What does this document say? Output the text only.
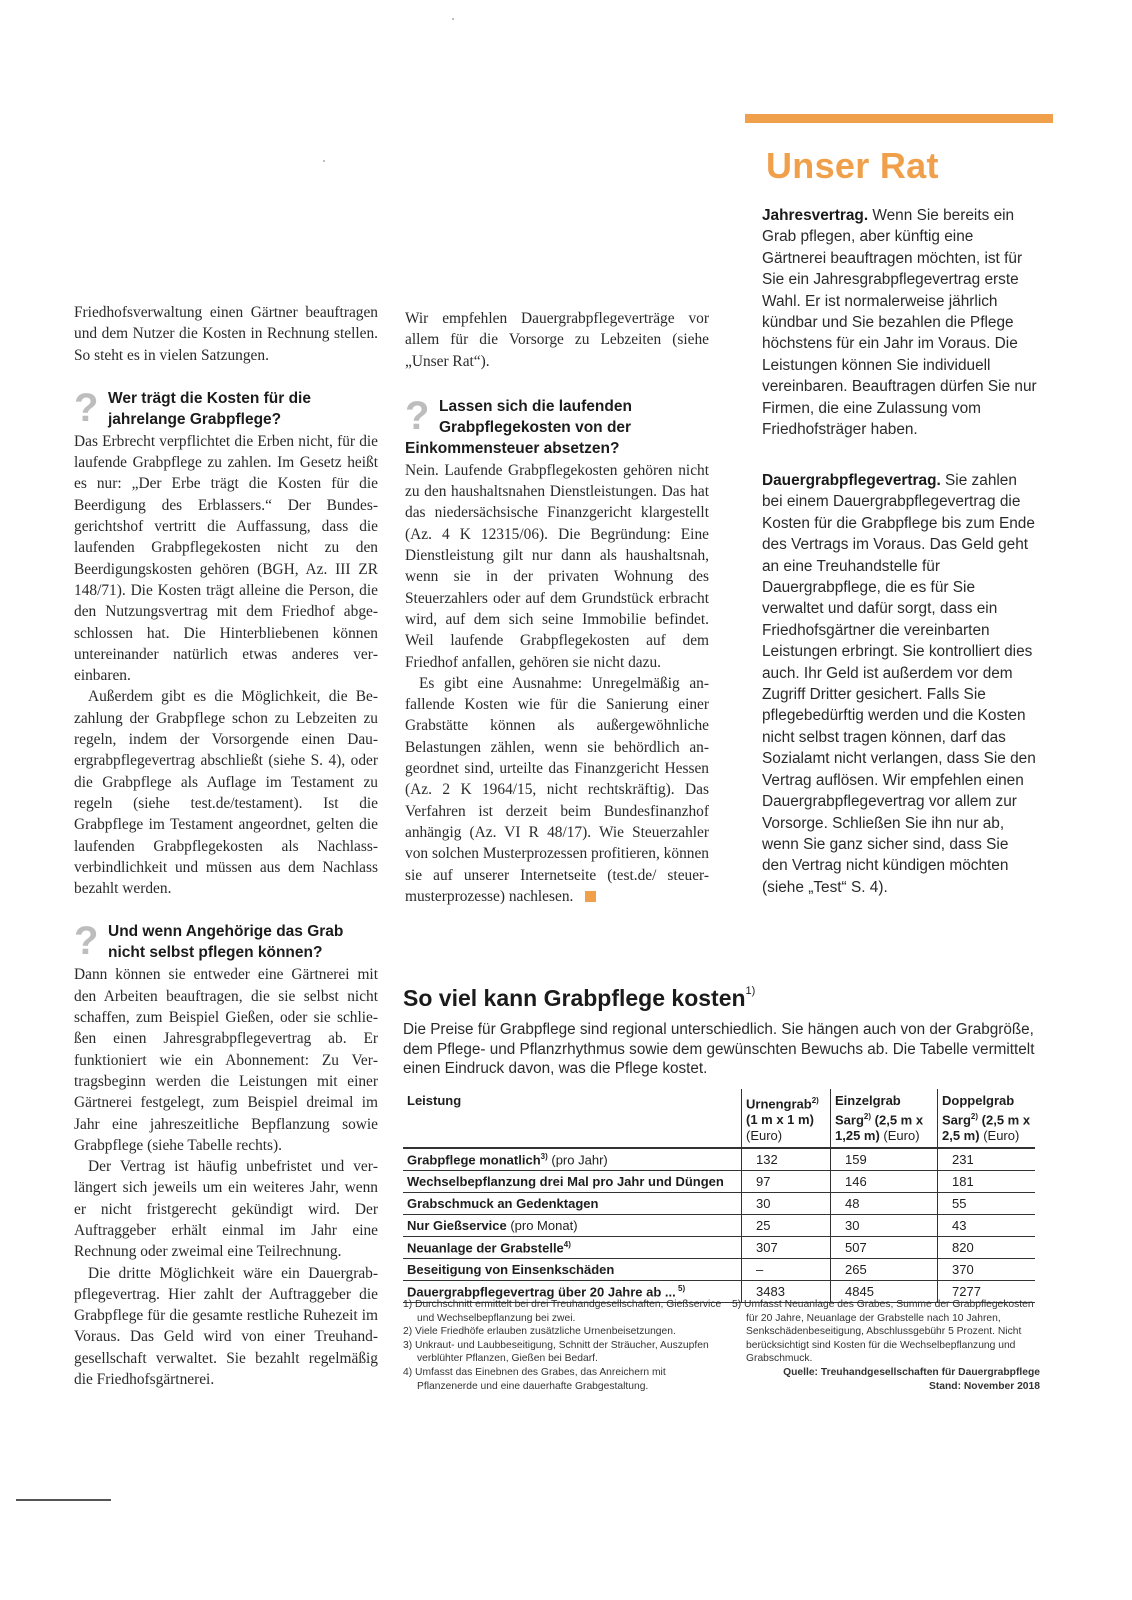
Friedhofsverwaltung einen Gärtner beauftragen und dem Nutzer die Kosten in Rechnung stellen. So steht es in vielen Satzungen.

? Wer trägt die Kosten für die jahrelange Grabpflege?

Das Erbrecht verpflichtet die Erben nicht, für die laufende Grabpflege zu zahlen. Im Gesetz heißt es nur: „Der Erbe trägt die Kosten für die Beerdigung des Erblassers.“ Der Bundesgerichtshof vertritt die Auffassung, dass die laufenden Grabpflegekosten nicht zu den Beerdigungskosten gehören (BGH, Az. III ZR 148/71). Die Kosten trägt alleine die Person, die den Nutzungsvertrag mit dem Friedhof abgeschlossen hat. Die Hinterbliebenen können untereinander natürlich etwas anderes vereinbaren.

Außerdem gibt es die Möglichkeit, die Bezahlung der Grabpflege schon zu Lebzeiten zu regeln, indem der Vorsorgende einen Dauergrabpflegevertrag abschließt (siehe S. 4), oder die Grabpflege als Auflage im Testament zu regeln (siehe test.de/testament). Ist die Grabpflege im Testament angeordnet, gelten die laufenden Grabpflegekosten als Nachlassverbindlichkeit und müssen aus dem Nachlass bezahlt werden.

? Und wenn Angehörige das Grab nicht selbst pflegen können?

Dann können sie entweder eine Gärtnerei mit den Arbeiten beauftragen, die sie selbst nicht schaffen, zum Beispiel Gießen, oder sie schließen einen Jahresgrabpflegevertrag ab. Er funktioniert wie ein Abonnement: Zu Vertragsbeginn werden die Leistungen mit einer Gärtnerei festgelegt, zum Beispiel dreimal im Jahr eine jahreszeitliche Bepflanzung sowie Grabpflege (siehe Tabelle rechts).

Der Vertrag ist häufig unbefristet und verlängert sich jeweils um ein weiteres Jahr, wenn er nicht fristgerecht gekündigt wird. Der Auftraggeber erhält einmal im Jahr eine Rechnung oder zweimal eine Teilrechnung.

Die dritte Möglichkeit wäre ein Dauergrabpflegevertrag. Hier zahlt der Auftraggeber die Grabpflege für die gesamte restliche Ruhezeit im Voraus. Das Geld wird von einer Treuhandgesellschaft verwaltet. Sie bezahlt regelmäßig die Friedhofsgärtnerei.

Wir empfehlen Dauergrabpflegeverträge vor allem für die Vorsorge zu Lebzeiten (siehe „Unser Rat“).

? Lassen sich die laufenden Grabpflegekosten von der
Einkommensteuer absetzen?

Nein. Laufende Grabpflegekosten gehören nicht zu den haushaltsnahen Dienstleistungen. Das hat das niedersächsische Finanzgericht klargestellt (Az. 4 K 12315/06). Die Begründung: Eine Dienstleistung gilt nur dann als haushaltsnah, wenn sie in der privaten Wohnung des Steuerzahlers oder auf dem Grundstück erbracht wird, auf dem sich seine Immobilie befindet. Weil laufende Grabpflegekosten auf dem Friedhof anfallen, gehören sie nicht dazu.

Es gibt eine Ausnahme: Unregelmäßig anfallende Kosten wie für die Sanierung einer Grabstätte können als außergewöhnliche Belastungen zählen, wenn sie behördlich angeordnet sind, urteilte das Finanzgericht Hessen (Az. 2 K 1964/15, nicht rechtskräftig). Das Verfahren ist derzeit beim Bundesfinanzhof anhängig (Az. VI R 48/17). Wie Steuerzahler von solchen Musterprozessen profitieren, können sie auf unserer Internetseite (test.de/ steuer-musterprozesse) nachlesen.

Unser Rat
Jahresvertrag. Wenn Sie bereits ein Grab pflegen, aber künftig eine Gärtnerei beauftragen möchten, ist für Sie ein Jahresgrabpflegevertrag erste Wahl. Er ist normalerweise jährlich kündbar und Sie bezahlen die Pflege höchstens für ein Jahr im Voraus. Die Leistungen können Sie individuell vereinbaren. Beauftragen dürfen Sie nur Firmen, die eine Zulassung vom Friedhofsträger haben.
Dauergrabpflegevertrag. Sie zahlen bei einem Dauergrabpflegevertrag die Kosten für die Grabpflege bis zum Ende des Vertrags im Voraus. Das Geld geht an eine Treuhandstelle für Dauergrabpflege, die es für Sie verwaltet und dafür sorgt, dass ein Friedhofsgärtner die vereinbarten Leistungen erbringt. Sie kontrolliert dies auch. Ihr Geld ist außerdem vor dem Zugriff Dritter gesichert. Falls Sie pflegebedürftig werden und die Kosten nicht selbst tragen können, darf das Sozialamt nicht verlangen, dass Sie den Vertrag auflösen. Wir empfehlen einen Dauergrabpflegevertrag vor allem zur Vorsorge. Schließen Sie ihn nur ab, wenn Sie ganz sicher sind, dass Sie den Vertrag nicht kündigen möchten (siehe „Test“ S. 4).
So viel kann Grabpflege kosten$^{1)}$
Die Preise für Grabpflege sind regional unterschiedlich. Sie hängen auch von der Grabgröße, dem Pflege- und Pflanzrhythmus sowie dem gewünschten Bewuchs ab. Die Tabelle vermittelt einen Eindruck davon, was die Pflege kostet.
Leistung	Urnengrab$^{2)}$
(1 m x 1 m)
(Euro)	Einzelgrab
Sarg$^{2)}$ (2,5 m x
1,25 m) (Euro)	Doppelgrab
Sarg$^{2)}$ (2,5 m x
2,5 m) (Euro)
Grabpflege monatlich$^{3)}$ (pro Jahr)	132	159	231
Wechselbepflanzung drei Mal pro Jahr und Düngen	97	146	181
Grabschmuck an Gedenktagen	30	48	55
Nur Gießservice (pro Monat)	25	30	43
Neuanlage der Grabstelle$^{4)}$	307	507	820
Beseitigung von Einsenkschäden	–	265	370
Dauergrabpflegevertrag über 20 Jahre ab ... $^{5)}$	3483	4845	7277
1) Durchschnitt ermittelt bei drei Treuhandgesellschaften, Gießservice und Wechselbepflanzung bei zwei.
2) Viele Friedhöfe erlauben zusätzliche Urnenbeisetzungen.
3) Unkraut- und Laubbeseitigung, Schnitt der Sträucher, Auszupfen verblühter Pflanzen, Gießen bei Bedarf.
4) Umfasst das Einebnen des Grabes, das Anreichern mit Pflanzenerde und eine dauerhafte Grabgestaltung.
5) Umfasst Neuanlage des Grabes, Summe der Grabpflegekosten für 20 Jahre, Neuanlage der Grabstelle nach 10 Jahren, Senkschädenbeseitigung, Abschlussgebühr 5 Prozent. Nicht berücksichtigt sind Kosten für die Wechselbepflanzung und Grabschmuck.
Quelle: Treuhandgesellschaften für Dauergrabpflege
Stand: November 2018
